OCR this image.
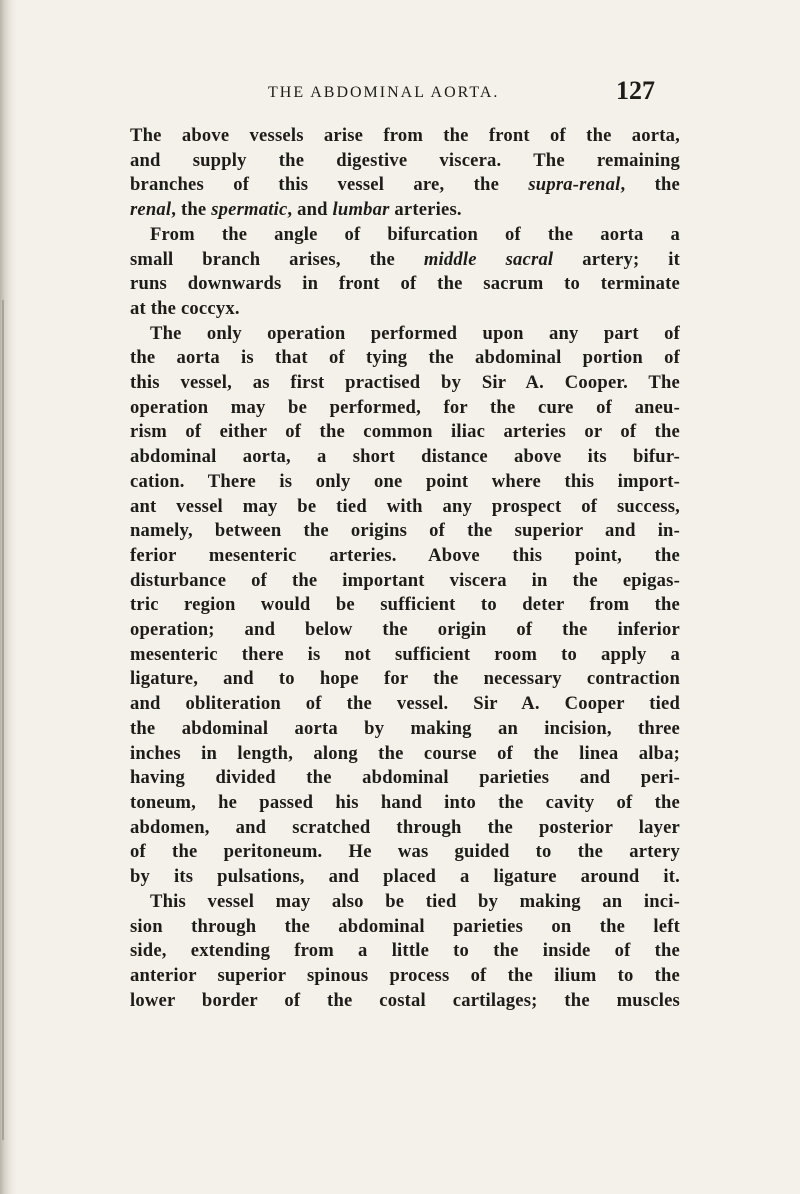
THE ABDOMINAL AORTA.	127
The above vessels arise from the front of the aorta,
and supply the digestive viscera. The remaining
branches of this vessel are, the supra-renal, the
renal, the spermatic, and lumbar arteries.
From the angle of bifurcation of the aorta a
small branch arises, the middle sacral artery; it
runs downwards in front of the sacrum to terminate
at the coccyx.
The only operation performed upon any part of
the aorta is that of tying the abdominal portion of
this vessel, as first practised by Sir A. Cooper. The
operation may be performed, for the cure of aneu-
rism of either of the common iliac arteries or of the
abdominal aorta, a short distance above its bifur-
cation. There is only one point where this import-
ant vessel may be tied with any prospect of success,
namely, between the origins of the superior and in-
ferior mesenteric arteries. Above this point, the
disturbance of the important viscera in the epigas-
tric region would be sufficient to deter from the
operation; and below the origin of the inferior
mesenteric there is not sufficient room to apply a
ligature, and to hope for the necessary contraction
and obliteration of the vessel. Sir A. Cooper tied
the abdominal aorta by making an incision, three
inches in length, along the course of the linea alba;
having divided the abdominal parieties and peri-
toneum, he passed his hand into the cavity of the
abdomen, and scratched through the posterior layer
of the peritoneum. He was guided to the artery
by its pulsations, and placed a ligature around it.
This vessel may also be tied by making an inci-
sion through the abdominal parieties on the left
side, extending from a little to the inside of the
anterior superior spinous process of the ilium to the
lower border of the costal cartilages; the muscles
